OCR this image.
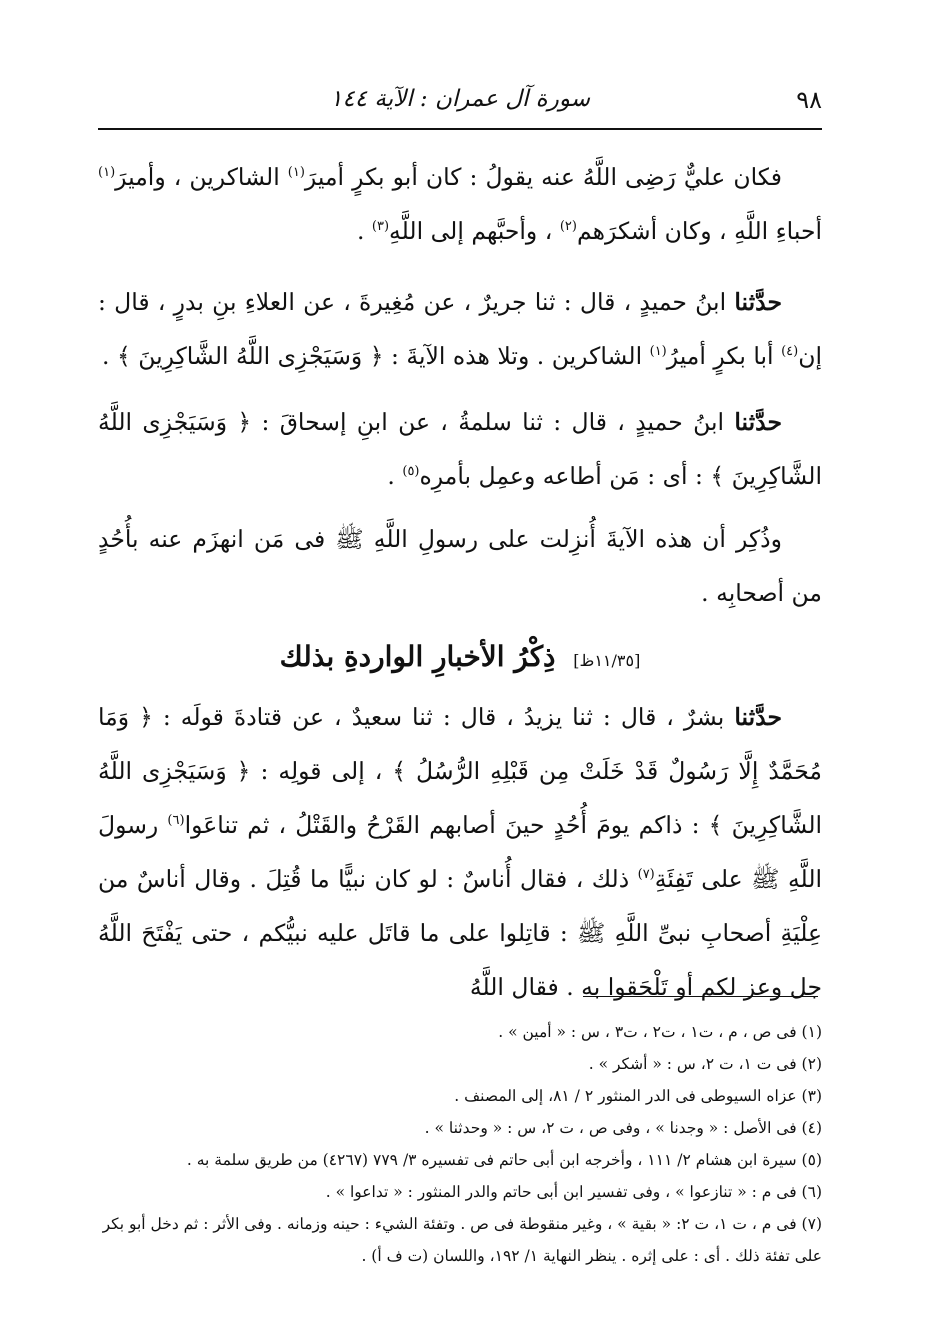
٩٨
سورة آل عمران : الآية ١٤٤

فكان عليٌّ رَضِى اللَّهُ عنه يقولُ : كان أبو بكرٍ أميرَ$^{(١)}$ الشاكرين ، وأميرَ$^{(١)}$ أحباءِ اللَّهِ ، وكان أشكرَهم$^{(٢)}$ ، وأحبَّهم إلى اللَّهِ$^{(٣)}$ .

حدَّثنا ابنُ حميدٍ ، قال : ثنا جريرٌ ، عن مُغِيرةَ ، عن العلاءِ بنِ بدرٍ ، قال : إن$^{(٤)}$ أبا بكرٍ أميرُ$^{(١)}$ الشاكرين . وتلا هذه الآيةَ : ﴿ وَسَيَجْزِى اللَّهُ الشَّاكِرِينَ ﴾ .

حدَّثنا ابنُ حميدٍ ، قال : ثنا سلمةُ ، عن ابنِ إسحاقَ : ﴿ وَسَيَجْزِى اللَّهُ الشَّاكِرِينَ ﴾ : أى : مَن أطاعه وعمِل بأمرِه$^{(٥)}$ .

وذُكِر أن هذه الآيةَ أُنزِلت على رسولِ اللَّهِ ﷺ فى مَن انهزَم عنه بأُحُدٍ من أصحابِه .

[١١/٣٥ظ] ذِكْرُ الأخبارِ الواردةِ بذلك

حدَّثنا بشرٌ ، قال : ثنا يزيدُ ، قال : ثنا سعيدٌ ، عن قتادةَ قولَه : ﴿ وَمَا مُحَمَّدٌ إِلَّا رَسُولٌ قَدْ خَلَتْ مِن قَبْلِهِ الرُّسُلُ ﴾ ، إلى قولِه : ﴿ وَسَيَجْزِى اللَّهُ الشَّاكِرِينَ ﴾ : ذاكم يومَ أُحُدٍ حينَ أصابهم القَرْحُ والقَتْلُ ، ثم تناعَوا$^{(٦)}$ رسولَ اللَّهِ ﷺ على تَفِئَةِ$^{(٧)}$ ذلك ، فقال أُناسٌ : لو كان نبيًّا ما قُتِلَ . وقال أناسٌ من عِلْيَةِ أصحابِ نبىِّ اللَّهِ ﷺ : قاتِلوا على ما قاتَل عليه نبيُّكم ، حتى يَفْتَحَ اللَّهُ جل وعز لكم أو تَلْحَقوا به . فقال اللَّهُ

(١) فى ص ، م ، ت١ ، ت٢ ، ت٣ ، س : « أمين » .

(٢) فى ت ١، ت ٢، س : « أشكر » .

(٣) عزاه السيوطى فى الدر المنثور ٢ / ٨١، إلى المصنف .

(٤) فى الأصل : « وجدنا » ، وفى ص ، ت ٢، س : « وحدثنا » .

(٥) سيرة ابن هشام ٢/ ١١١ ، وأخرجه ابن أبى حاتم فى تفسيره ٣/ ٧٧٩ (٤٢٦٧) من طريق سلمة به .

(٦) فى م : « تنازعوا » ، وفى تفسير ابن أبى حاتم والدر المنثور : « تداعوا » .

(٧) فى م ، ت ١، ت ٢: « بقية » ، وغير منقوطة فى ص . وتفئة الشيء : حينه وزمانه . وفى الأثر : ثم دخل أبو بكر على تفئة ذلك . أى : على إثره . ينظر النهاية ١/ ١٩٢، واللسان (ت ف أ) .
